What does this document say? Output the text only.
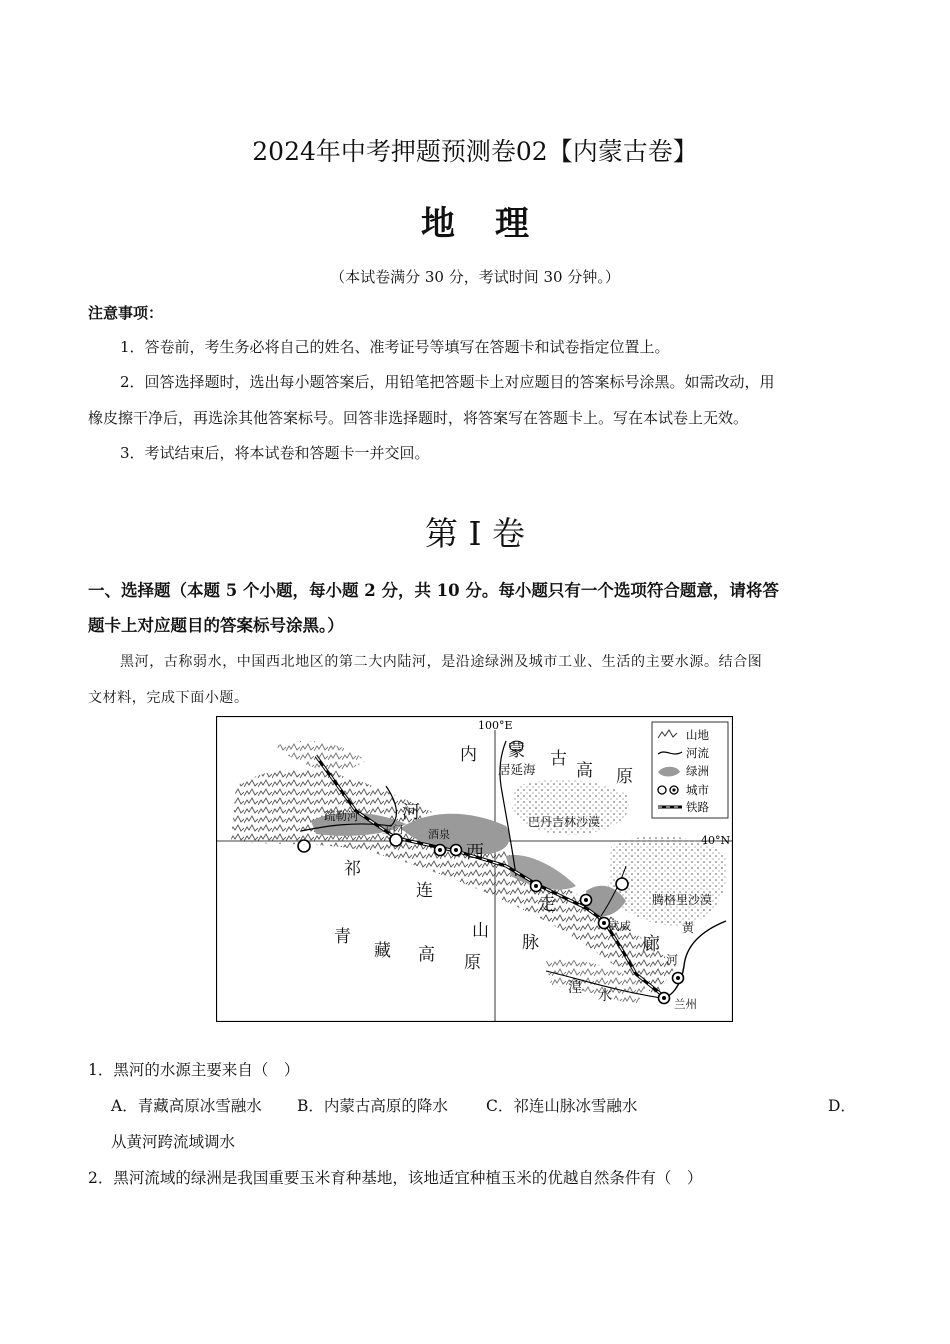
2024年中考押题预测卷02【内蒙古卷】
地理
（本试卷满分 30 分，考试时间 30 分钟。）
注意事项：
1．答卷前，考生务必将自己的姓名、准考证号等填写在答题卡和试卷指定位置上。
2．回答选择题时，选出每小题答案后，用铅笔把答题卡上对应题目的答案标号涂黑。如需改动，用
橡皮擦干净后，再选涂其他答案标号。回答非选择题时，将答案写在答题卡上。写在本试卷上无效。
3．考试结束后，将本试卷和答题卡一并交回。
第 I 卷
一、选择题（本题 5 个小题，每小题 2 分，共 10 分。每小题只有一个选项符合题意，请将答
题卡上对应题目的答案标号涂黑。）
黑河，古称弱水，中国西北地区的第二大内陆河，是沿途绿洲及城市工业、生活的主要水源。结合图
文材料，完成下面小题。
山地
河流
绿洲
城市
铁路
100°E
40°N
内 蒙 古
高 原
居延海
巴丹吉林沙漠
腾格里沙漠
疏勒河
玉门 酒泉
河
西
走
廊
祁
连
山
脉
青
藏 高 原
武威	黄
河
湟 水	兰州
1．黑河的水源主要来自（　）
A．青藏高原冰雪融水 B．内蒙古高原的降水 C．祁连山脉冰雪融水	D．
从黄河跨流域调水
2．黑河流域的绿洲是我国重要玉米育种基地，该地适宜种植玉米的优越自然条件有（　）
